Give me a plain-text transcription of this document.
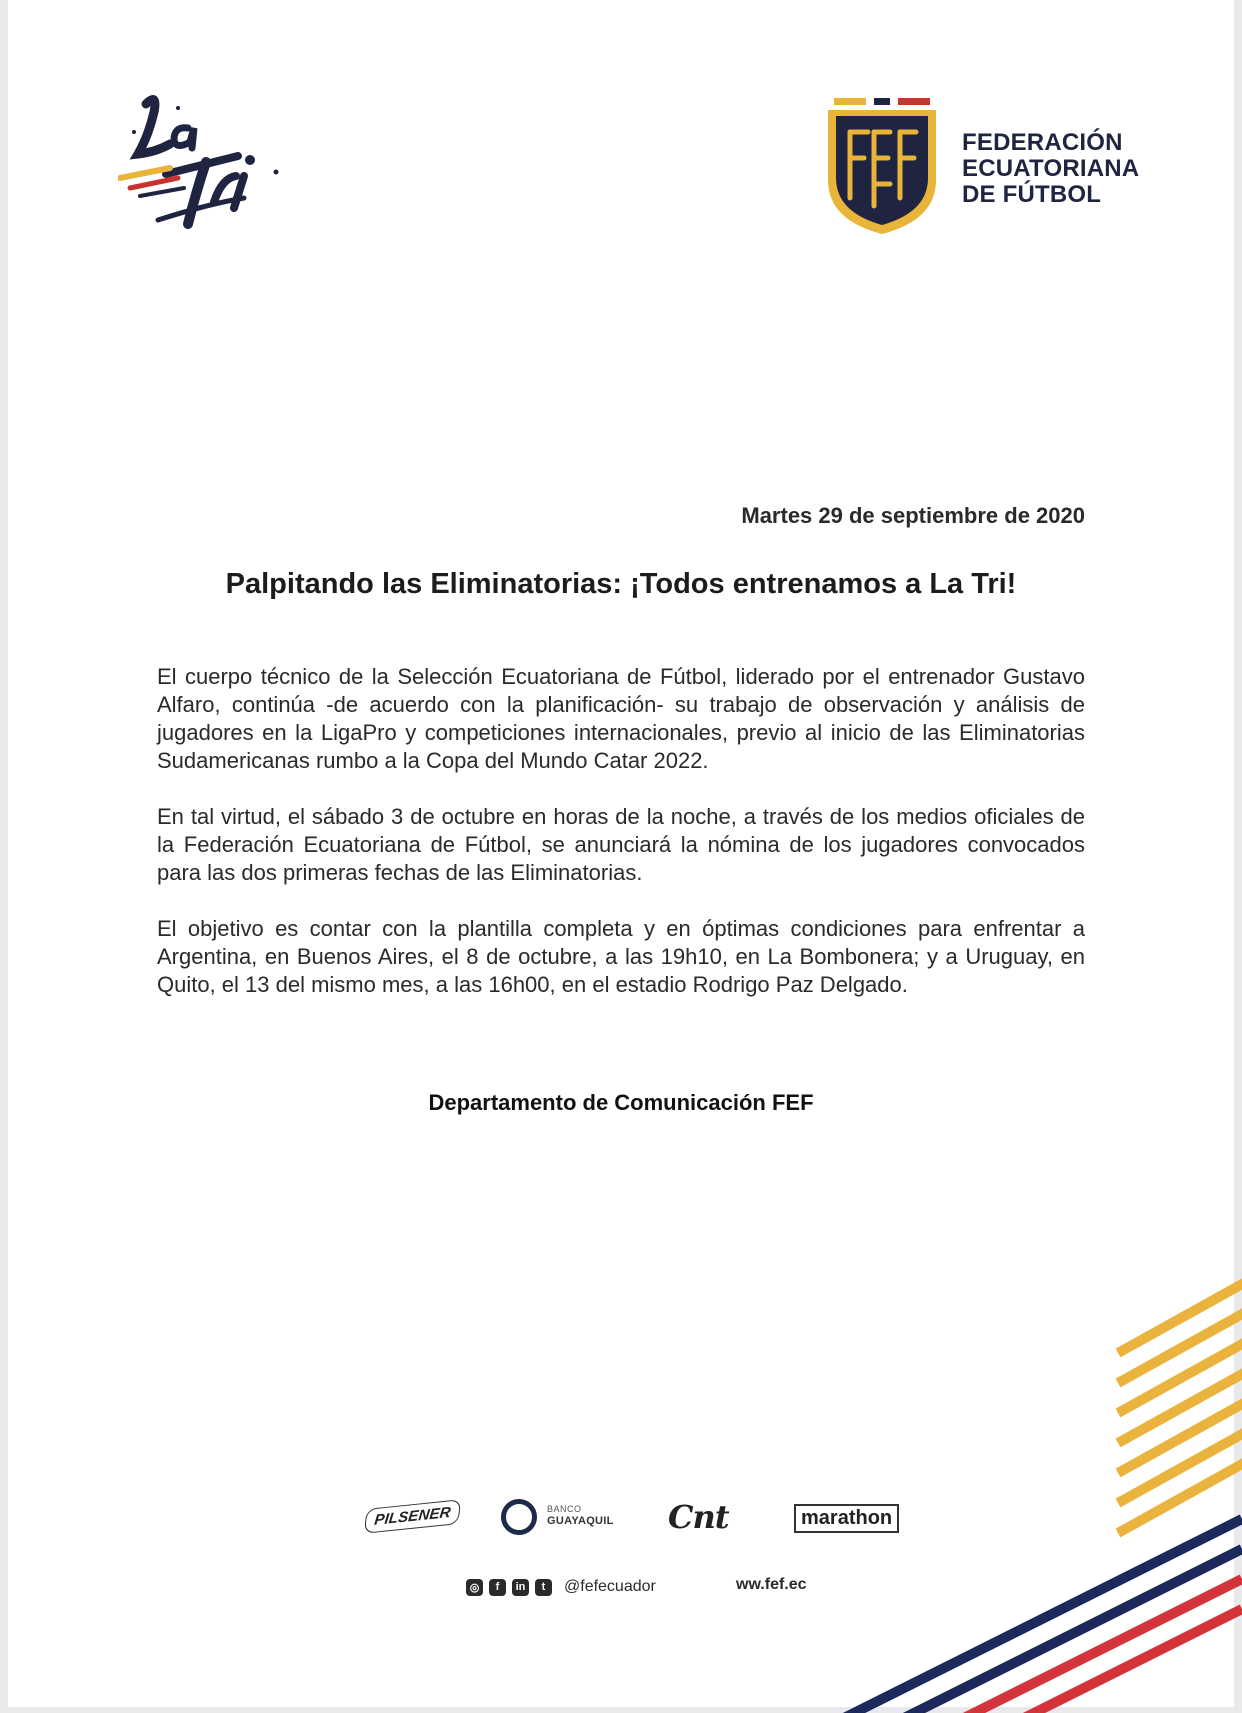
FEDERACIÓN
ECUATORIANA
DE FÚTBOL
Martes 29 de septiembre de 2020
Palpitando las Eliminatorias: ¡Todos entrenamos a La Tri!

El cuerpo técnico de la Selección Ecuatoriana de Fútbol, liderado por el entrenador Gustavo Alfaro, continúa -de acuerdo con la planificación- su trabajo de observación y análisis de jugadores en la LigaPro y competiciones internacionales, previo al inicio de las Eliminatorias Sudamericanas rumbo a la Copa del Mundo Catar 2022.

En tal virtud, el sábado 3 de octubre en horas de la noche, a través de los medios oficiales de la Federación Ecuatoriana de Fútbol, se anunciará la nómina de los jugadores convocados para las dos primeras fechas de las Eliminatorias.

El objetivo es contar con la plantilla completa y en óptimas condiciones para enfrentar a Argentina, en Buenos Aires, el 8 de octubre, a las 19h10, en La Bombonera; y a Uruguay, en Quito, el 13 del mismo mes, a las 16h00, en el estadio Rodrigo Paz Delgado.

Departamento de Comunicación FEF
PILSENER	BANCO
GUAYAQUIL Cnt	marathon
◎	f	in	t	@fefecuador	ww.fef.ec
